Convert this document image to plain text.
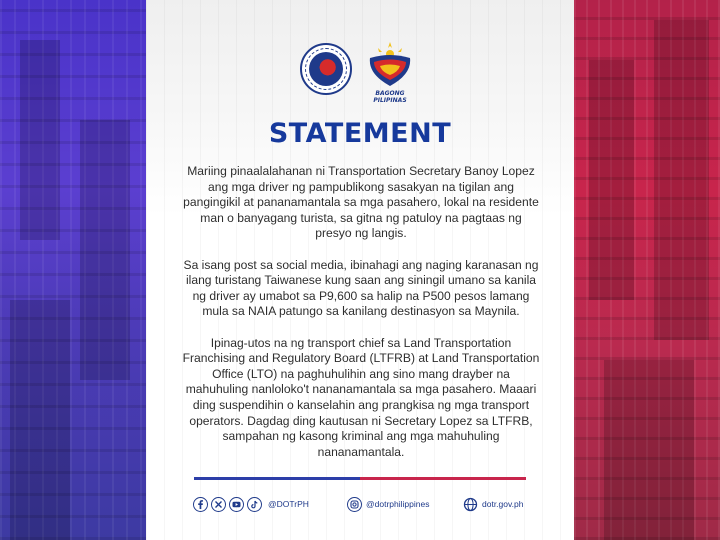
BAGONG PILIPINAS
STATEMENT

Mariing pinaalalahanan ni Transportation Secretary Banoy Lopez ang mga driver ng pampublikong sasakyan na tigilan ang pangingikil at pananamantala sa mga pasahero, lokal na residente man o banyagang turista, sa gitna ng patuloy na pagtaas ng presyo ng langis.

Sa isang post sa social media, ibinahagi ang naging karanasan ng ilang turistang Taiwanese kung saan ang siningil umano sa kanila ng driver ay umabot sa P9,600 sa halip na P500 pesos lamang mula sa NAIA patungo sa kanilang destinasyon sa Maynila.

Ipinag-utos na ng transport chief sa Land Transportation Franchising and Regulatory Board (LTFRB) at Land Transportation Office (LTO) na paghuhulihin ang sino mang drayber na mahuhuling nanloloko't nananamantala sa mga pasahero. Maaari ding suspendihin o kanselahin ang prangkisa ng mga transport operators. Dagdag ding kautusan ni Secretary Lopez sa LTFRB, sampahan ng kasong kriminal ang mga mahuhuling nananamantala.

@DOTrPH	@dotrphilippines	dotr.gov.ph
